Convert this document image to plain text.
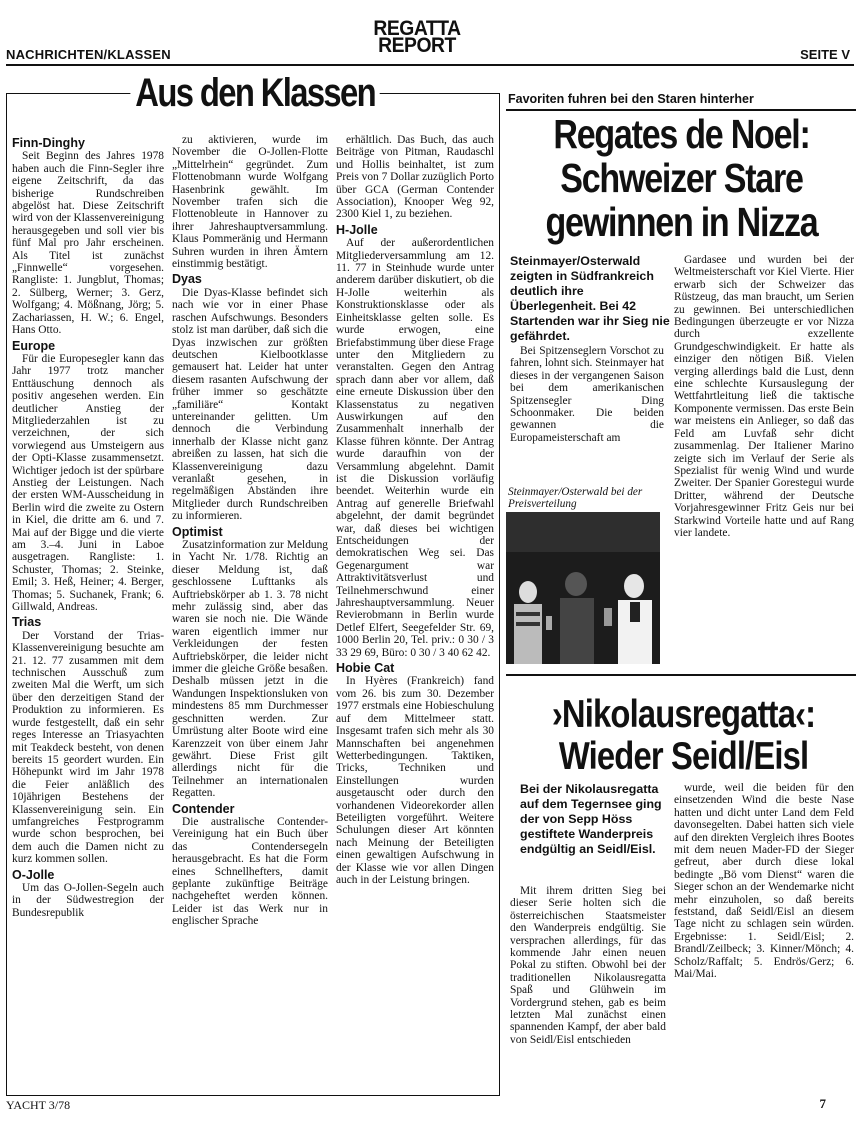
NACHRICHTEN/KLASSEN
REGATTA
REPORT	SEITE V
Aus den Klassen
Finn-Dinghy

Seit Beginn des Jahres 1978 haben auch die Finn-Segler ihre eigene Zeitschrift, da das bisherige Rundschreiben abgelöst hat. Diese Zeitschrift wird von der Klassenvereinigung herausgegeben und soll vier bis fünf Mal pro Jahr erscheinen. Als Titel ist zunächst „Finnwelle“ vorgesehen. Rangliste: 1. Jungblut, Thomas; 2. Sülberg, Werner; 3. Gerz, Wolfgang; 4. Mößnang, Jörg; 5. Zachariassen, H. W.; 6. Engel, Hans Otto.

Europe

Für die Europesegler kann das Jahr 1977 trotz mancher Enttäuschung dennoch als positiv angesehen werden. Ein deutlicher Anstieg der Mitgliederzahlen ist zu verzeichnen, der sich vorwiegend aus Umsteigern aus der Opti-Klasse zusammensetzt. Wichtiger jedoch ist der spürbare Anstieg der Leistungen. Nach der ersten WM-Ausscheidung in Berlin wird die zweite zu Ostern in Kiel, die dritte am 6. und 7. Mai auf der Bigge und die vierte am 3.–4. Juni in Laboe ausgetragen. Rangliste: 1. Schuster, Thomas; 2. Steinke, Emil; 3. Heß, Heiner; 4. Berger, Thomas; 5. Suchanek, Frank; 6. Gillwald, Andreas.

Trias

Der Vorstand der Trias-Klassenvereinigung besuchte am 21. 12. 77 zusammen mit dem technischen Ausschuß zum zweiten Mal die Werft, um sich über den derzeitigen Stand der Produktion zu informieren. Es wurde festgestellt, daß ein sehr reges Interesse an Triasyachten mit Teakdeck besteht, von denen bereits 15 geordert wurden. Ein Höhepunkt wird im Jahr 1978 die Feier anläßlich des 10jährigen Bestehens der Klassenvereinigung sein. Ein umfangreiches Festprogramm wurde schon besprochen, bei dem auch die Damen nicht zu kurz kommen sollen.

O-Jolle

Um das O-Jollen-Segeln auch in der Südwestregion der Bundesrepublik

zu aktivieren, wurde im November die O-Jollen-Flotte „Mittelrhein“ gegründet. Zum Flottenobmann wurde Wolfgang Hasenbrink gewählt. Im November trafen sich die Flottenobleute in Hannover zu ihrer Jahreshauptversammlung. Klaus Pommeränig und Hermann Suhren wurden in ihren Ämtern einstimmig bestätigt.

Dyas

Die Dyas-Klasse befindet sich nach wie vor in einer Phase raschen Aufschwungs. Besonders stolz ist man darüber, daß sich die Dyas inzwischen zur größten deutschen Kielbootklasse gemausert hat. Leider hat unter diesem rasanten Aufschwung der früher immer so geschätzte „familiäre“ Kontakt untereinander gelitten. Um dennoch die Verbindung innerhalb der Klasse nicht ganz abreißen zu lassen, hat sich die Klassenvereinigung dazu veranlaßt gesehen, in regelmäßigen Abständen ihre Mitglieder durch Rundschreiben zu informieren.

Optimist

Zusatzinformation zur Meldung in Yacht Nr. 1/78. Richtig an dieser Meldung ist, daß geschlossene Lufttanks als Auftriebskörper ab 1. 3. 78 nicht mehr zulässig sind, aber das waren sie noch nie. Die Wände waren eigentlich immer nur Verkleidungen der festen Auftriebskörper, die leider nicht immer die gleiche Größe besaßen. Deshalb müssen jetzt in die Wandungen Inspektionsluken von mindestens 85 mm Durchmesser geschnitten werden. Zur Umrüstung alter Boote wird eine Karenzzeit von über einem Jahr gewährt. Diese Frist gilt allerdings nicht für die Teilnehmer an internationalen Regatten.

Contender

Die australische Contender-Vereinigung hat ein Buch über das Contendersegeln herausgebracht. Es hat die Form eines Schnellhefters, damit geplante zukünftige Beiträge nachgeheftet werden können. Leider ist das Werk nur in englischer Sprache

erhältlich. Das Buch, das auch Beiträge von Pitman, Raudaschl und Hollis beinhaltet, ist zum Preis von 7 Dollar zuzüglich Porto über GCA (German Contender Association), Knooper Weg 92, 2300 Kiel 1, zu beziehen.

H-Jolle

Auf der außerordentlichen Mitgliederversammlung am 12. 11. 77 in Steinhude wurde unter anderem darüber diskutiert, ob die H-Jolle weiterhin als Konstruktionsklasse oder als Einheitsklasse gelten solle. Es wurde erwogen, eine Briefabstimmung über diese Frage unter den Mitgliedern zu veranstalten. Gegen den Antrag sprach dann aber vor allem, daß eine erneute Diskussion über den Klassenstatus zu negativen Auswirkungen auf den Zusammenhalt innerhalb der Klasse führen könnte. Der Antrag wurde daraufhin von der Versammlung abgelehnt. Damit ist die Diskussion vorläufig beendet. Weiterhin wurde ein Antrag auf generelle Briefwahl abgelehnt, der damit begründet war, daß dieses bei wichtigen Entscheidungen der demokratischen Weg sei. Das Gegenargument war Attraktivitätsverlust und Teilnehmerschwund einer Jahreshauptversammlung. Neuer Revierobmann in Berlin wurde Detlef Elfert, Seegefelder Str. 69, 1000 Berlin 20, Tel. priv.: 0 30 / 3 33 29 69, Büro: 0 30 / 3 40 62 42.

Hobie Cat

In Hyères (Frankreich) fand vom 26. bis zum 30. Dezember 1977 erstmals eine Hobieschulung auf dem Mittelmeer statt. Insgesamt trafen sich mehr als 30 Mannschaften bei angenehmen Wetterbedingungen. Taktiken, Tricks, Techniken und Einstellungen wurden ausgetauscht oder durch den vorhandenen Videorekorder allen Beteiligten vorgeführt. Weitere Schulungen dieser Art könnten nach Meinung der Beteiligten einen gewaltigen Aufschwung in der Klasse wie vor allen Dingen auch in der Leistung bringen.

Favoriten fuhren bei den Staren hinterher
Regates de Noel: Schweizer Stare gewinnen in Nizza
Steinmayer/Osterwald zeigten in Südfrankreich deutlich ihre Überlegenheit. Bei 42 Startenden war ihr Sieg nie gefährdet.

Bei Spitzenseglern Vorschot zu fahren, lohnt sich. Steinmayer hat dieses in der vergangenen Saison bei dem amerikanischen Spitzensegler Ding Schoonmaker. Die beiden gewannen die Europameisterschaft am

Steinmayer/Osterwald bei der Preisverteilung

Gardasee und wurden bei der Weltmeisterschaft vor Kiel Vierte. Hier erwarb sich der Schweizer das Rüstzeug, das man braucht, um Serien zu gewinnen. Bei unterschiedlichen Bedingungen überzeugte er vor Nizza durch exzellente Grundgeschwindigkeit. Er hatte als einziger den nötigen Biß. Vielen verging allerdings bald die Lust, denn eine schlechte Kursauslegung der Wettfahrtleitung ließ die taktische Komponente vermissen. Das erste Bein war meistens ein Anlieger, so daß das Feld am Luvfaß sehr dicht zusammenlag. Der Italiener Marino zeigte sich im Verlauf der Serie als Spezialist für wenig Wind und wurde Zweiter. Der Spanier Gorestegui wurde Dritter, während der Deutsche Vorjahresgewinner Fritz Geis nur bei Starkwind Vorteile hatte und auf Rang vier landete.

›Nikolausregatta‹: Wieder Seidl/Eisl
Bei der Nikolausregatta auf dem Tegernsee ging der von Sepp Höss gestiftete Wanderpreis endgültig an Seidl/Eisl.

Mit ihrem dritten Sieg bei dieser Serie holten sich die österreichischen Staatsmeister den Wanderpreis endgültig. Sie versprachen allerdings, für das kommende Jahr einen neuen Pokal zu stiften. Obwohl bei der traditionellen Nikolausregatta Spaß und Glühwein im Vordergrund stehen, gab es beim letzten Mal zunächst einen spannenden Kampf, der aber bald von Seidl/Eisl entschieden

wurde, weil die beiden für den einsetzenden Wind die beste Nase hatten und dicht unter Land dem Feld davonsegelten. Dabei hatten sich viele auf den direkten Vergleich ihres Bootes mit dem neuen Mader-FD der Sieger gefreut, aber durch diese lokal bedingte „Bö vom Dienst“ waren die Sieger schon an der Wendemarke nicht mehr einzuholen, so daß bereits feststand, daß Seidl/Eisl an diesem Tage nicht zu schlagen sein würden. Ergebnisse: 1. Seidl/Eisl; 2. Brandl/Zeilbeck; 3. Kinner/Mönch; 4. Scholz/Raffalt; 5. Endrös/Gerz; 6. Mai/Mai.

YACHT 3/78	7
